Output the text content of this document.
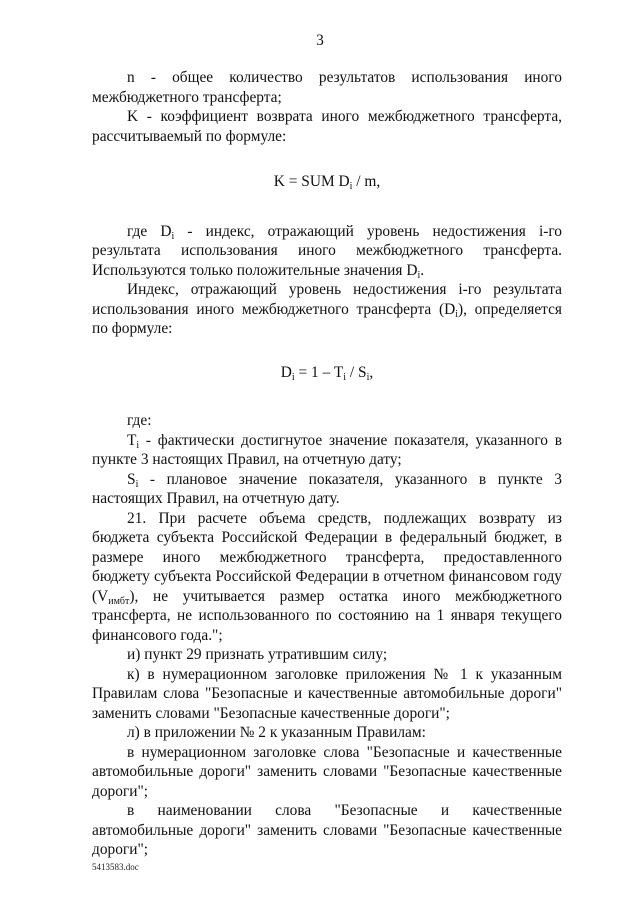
3

n - общее количество результатов использования иного межбюджетного трансферта;

K - коэффициент возврата иного межбюджетного трансферта, рассчитываемый по формуле:

K = SUM $D_i$ / m,

где $D_i$ - индекс, отражающий уровень недостижения i-го результата использования иного межбюджетного трансферта. Используются только положительные значения $D_i$.

Индекс, отражающий уровень недостижения i-го результата использования иного межбюджетного трансферта $(D_i)$, определяется по формуле:

$D_i = 1 - T_i / S_i$,

где:

$T_i$ - фактически достигнутое значение показателя, указанного в пункте 3 настоящих Правил, на отчетную дату;

$S_i$ - плановое значение показателя, указанного в пункте 3 настоящих Правил, на отчетную дату.

21. При расчете объема средств, подлежащих возврату из бюджета субъекта Российской Федерации в федеральный бюджет, в размере иного межбюджетного трансферта, предоставленного бюджету субъекта Российской Федерации в отчетном финансовом году $(V_{имбт})$, не учитывается размер остатка иного межбюджетного трансферта, не использованного по состоянию на 1 января текущего финансового года.";

и) пункт 29 признать утратившим силу;

к) в нумерационном заголовке приложения № 1 к указанным Правилам слова "Безопасные и качественные автомобильные дороги" заменить словами "Безопасные качественные дороги";

л) в приложении № 2 к указанным Правилам:

в нумерационном заголовке слова "Безопасные и качественные автомобильные дороги" заменить словами "Безопасные качественные дороги";

в наименовании слова "Безопасные и качественные автомобильные дороги" заменить словами "Безопасные качественные дороги";

5413583.doc
